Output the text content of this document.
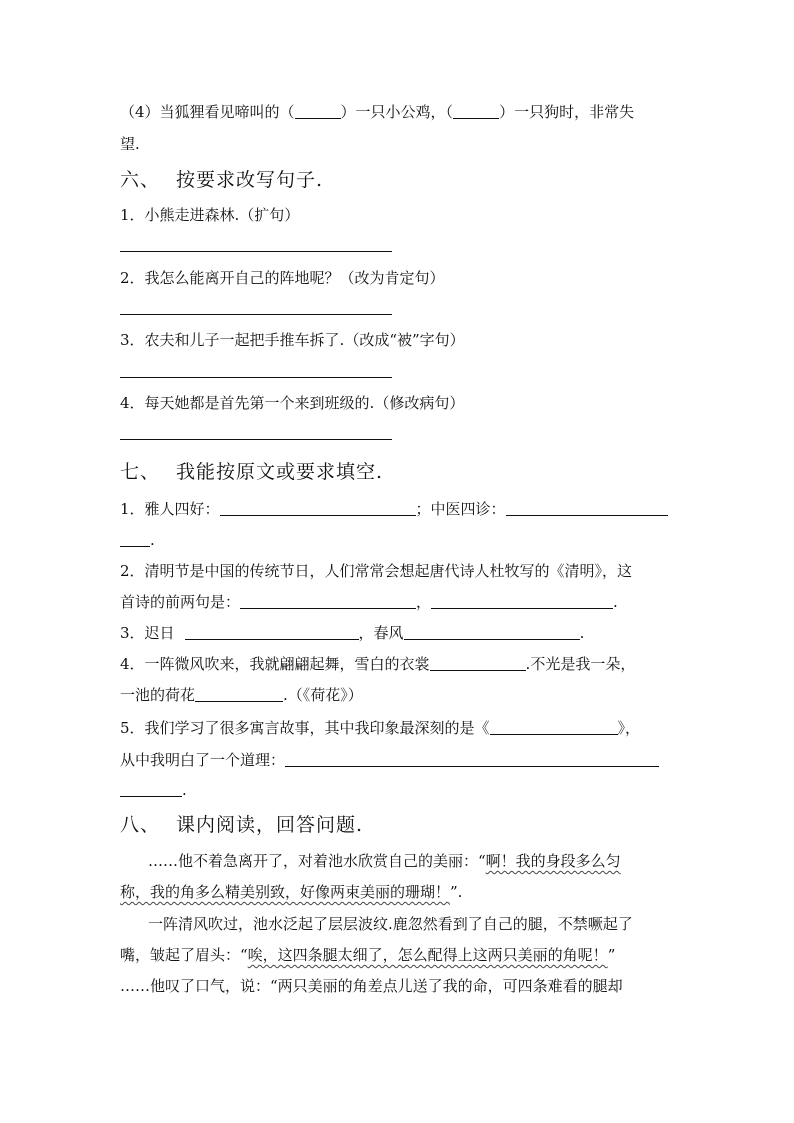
（4）当狐狸看见啼叫的（	）一只小公鸡，（	）一只狗时，非常失
望.
六、 按要求改写句子.
1．小熊走进森林.（扩句）
2．我怎么能离开自己的阵地呢？（改为肯定句）
3．农夫和儿子一起把手推车拆了.（改成“被”字句）
4．每天她都是首先第一个来到班级的.（修改病句）
七、 我能按原文或要求填空.
1．雅人四好：	；中医四诊：
.
2．清明节是中国的传统节日，人们常常会想起唐代诗人杜牧写的《清明》，这
首诗的前两句是：	，	.
3．迟日	，春风	.
4．一阵微风吹来，我就翩翩起舞，雪白的衣裳	.不光是我一朵，
一池的荷花	.（《荷花》）
5．我们学习了很多寓言故事，其中我印象最深刻的是《	》，
从中我明白了一个道理：
.
八、 课内阅读，回答问题.
……他不着急离开了，对着池水欣赏自己的美丽：“啊！我的身段多么匀
称，我的角多么精美别致，好像两束美丽的珊瑚！”.
一阵清风吹过，池水泛起了层层波纹.鹿忽然看到了自己的腿，不禁噘起了
嘴，皱起了眉头：“唉，这四条腿太细了，怎么配得上这两只美丽的角呢！”
……他叹了口气，说：“两只美丽的角差点儿送了我的命，可四条难看的腿却
